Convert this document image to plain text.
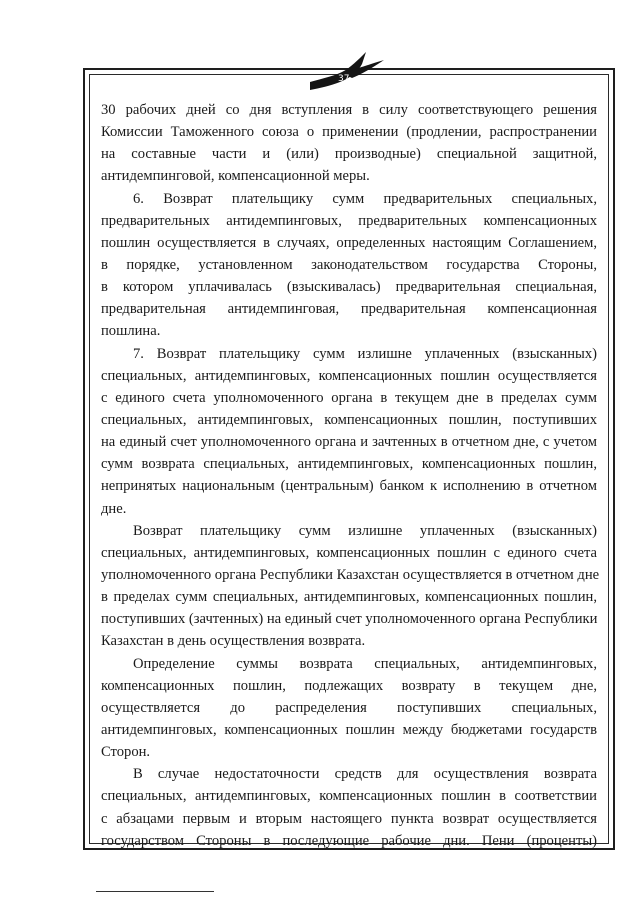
37
30 рабочих дней со дня вступления в силу соответствующего решения
Комиссии Таможенного союза о применении (продлении, распространении
на составные части и (или) производные) специальной защитной,
антидемпинговой, компенсационной меры.
6. Возврат плательщику сумм предварительных специальных,
предварительных антидемпинговых, предварительных компенсационных
пошлин осуществляется в случаях, определенных настоящим Соглашением,
в порядке, установленном законодательством государства Стороны,
в котором уплачивалась (взыскивалась) предварительная специальная,
предварительная антидемпинговая, предварительная компенсационная
пошлина.
7. Возврат плательщику сумм излишне уплаченных (взысканных)
специальных, антидемпинговых, компенсационных пошлин осуществляется
с единого счета уполномоченного органа в текущем дне в пределах сумм
специальных, антидемпинговых, компенсационных пошлин, поступивших
на единый счет уполномоченного органа и зачтенных в отчетном дне, с учетом
сумм возврата специальных, антидемпинговых, компенсационных пошлин,
непринятых национальным (центральным) банком к исполнению в отчетном
дне.
Возврат плательщику сумм излишне уплаченных (взысканных)
специальных, антидемпинговых, компенсационных пошлин с единого счета
уполномоченного органа Республики Казахстан осуществляется в отчетном дне
в пределах сумм специальных, антидемпинговых, компенсационных пошлин,
поступивших (зачтенных) на единый счет уполномоченного органа Республики
Казахстан в день осуществления возврата.
Определение суммы возврата специальных, антидемпинговых,
компенсационных пошлин, подлежащих возврату в текущем дне,
осуществляется до распределения поступивших специальных,
антидемпинговых, компенсационных пошлин между бюджетами государств
Сторон.
В случае недостаточности средств для осуществления возврата
специальных, антидемпинговых, компенсационных пошлин в соответствии
с абзацами первым и вторым настоящего пункта возврат осуществляется
государством Стороны в последующие рабочие дни. Пени (проценты)
